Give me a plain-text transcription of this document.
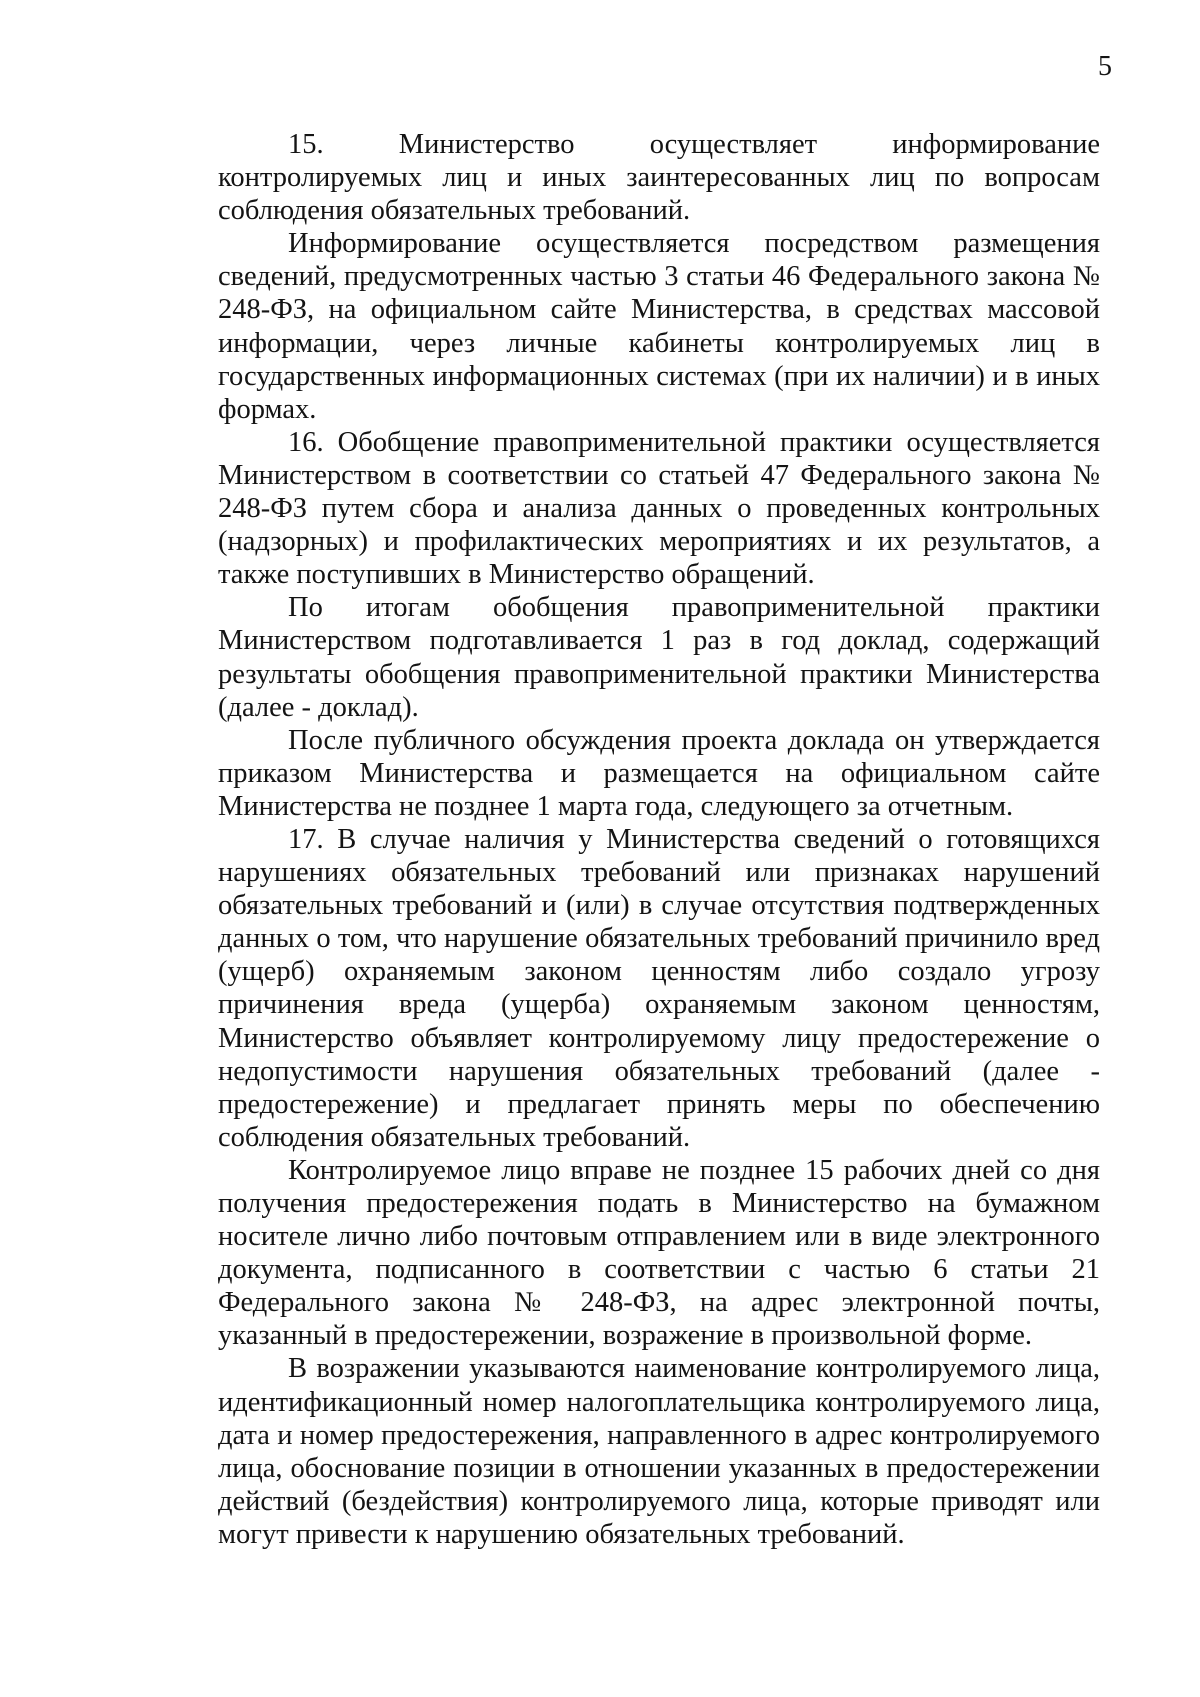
5

15. Министерство осуществляет информирование контролируемых лиц и иных заинтересованных лиц по вопросам соблюдения обязательных требований.

Информирование осуществляется посредством размещения сведений, предусмотренных частью 3 статьи 46 Федерального закона № 248-ФЗ, на официальном сайте Министерства, в средствах массовой информации, через личные кабинеты контролируемых лиц в государственных информационных системах (при их наличии) и в иных формах.

16. Обобщение правоприменительной практики осуществляется Министерством в соответствии со статьей 47 Федерального закона № 248-ФЗ путем сбора и анализа данных о проведенных контрольных (надзорных) и профилактических мероприятиях и их результатов, а также поступивших в Министерство обращений.

По итогам обобщения правоприменительной практики Министерством подготавливается 1 раз в год доклад, содержащий результаты обобщения правоприменительной практики Министерства (далее - доклад).

После публичного обсуждения проекта доклада он утверждается приказом Министерства и размещается на официальном сайте Министерства не позднее 1 марта года, следующего за отчетным.

17. В случае наличия у Министерства сведений о готовящихся нарушениях обязательных требований или признаках нарушений обязательных требований и (или) в случае отсутствия подтвержденных данных о том, что нарушение обязательных требований причинило вред (ущерб) охраняемым законом ценностям либо создало угрозу причинения вреда (ущерба) охраняемым законом ценностям, Министерство объявляет контролируемому лицу предостережение о недопустимости нарушения обязательных требований (далее - предостережение) и предлагает принять меры по обеспечению соблюдения обязательных требований.

Контролируемое лицо вправе не позднее 15 рабочих дней со дня получения предостережения подать в Министерство на бумажном носителе лично либо почтовым отправлением или в виде электронного документа, подписанного в соответствии с частью 6 статьи 21 Федерального закона № 248-ФЗ, на адрес электронной почты, указанный в предостережении, возражение в произвольной форме.

В возражении указываются наименование контролируемого лица, идентификационный номер налогоплательщика контролируемого лица, дата и номер предостережения, направленного в адрес контролируемого лица, обоснование позиции в отношении указанных в предостережении действий (бездействия) контролируемого лица, которые приводят или могут привести к нарушению обязательных требований.
